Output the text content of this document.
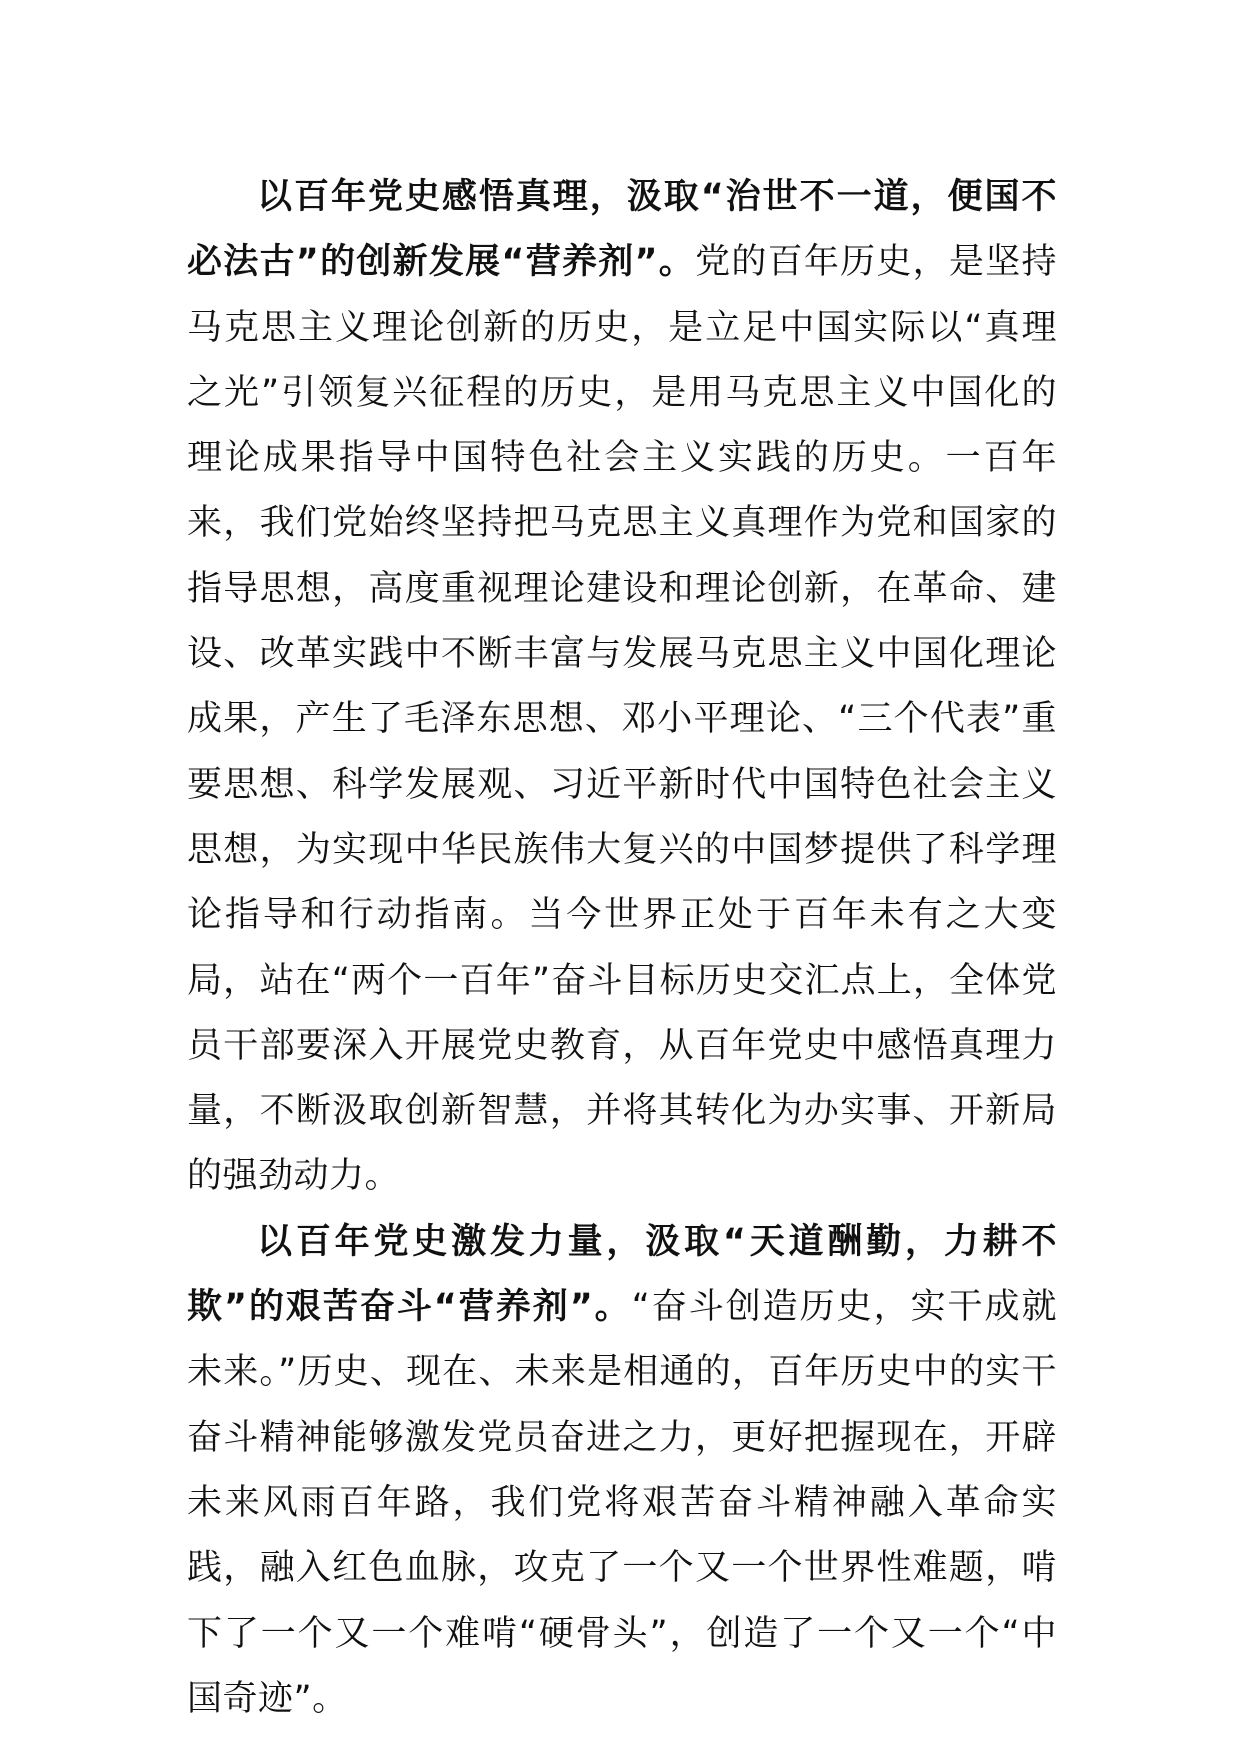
以百年党史感悟真理，汲取“治世不一道，便国不必法古”的创新发展“营养剂”。党的百年历史，是坚持马克思主义理论创新的历史，是立足中国实际以“真理之光”引领复兴征程的历史，是用马克思主义中国化的理论成果指导中国特色社会主义实践的历史。一百年来，我们党始终坚持把马克思主义真理作为党和国家的指导思想，高度重视理论建设和理论创新，在革命、建设、改革实践中不断丰富与发展马克思主义中国化理论成果，产生了毛泽东思想、邓小平理论、“三个代表”重要思想、科学发展观、习近平新时代中国特色社会主义思想，为实现中华民族伟大复兴的中国梦提供了科学理论指导和行动指南。当今世界正处于百年未有之大变局，站在“两个一百年”奋斗目标历史交汇点上，全体党员干部要深入开展党史教育，从百年党史中感悟真理力量，不断汲取创新智慧，并将其转化为办实事、开新局的强劲动力。

以百年党史激发力量，汲取“天道酬勤，力耕不欺”的艰苦奋斗“营养剂”。“奋斗创造历史，实干成就未来。”历史、现在、未来是相通的，百年历史中的实干奋斗精神能够激发党员奋进之力，更好把握现在，开辟未来风雨百年路，我们党将艰苦奋斗精神融入革命实践，融入红色血脉，攻克了一个又一个世界性难题，啃下了一个又一个难啃“硬骨头”，创造了一个又一个“中国奇迹”。
